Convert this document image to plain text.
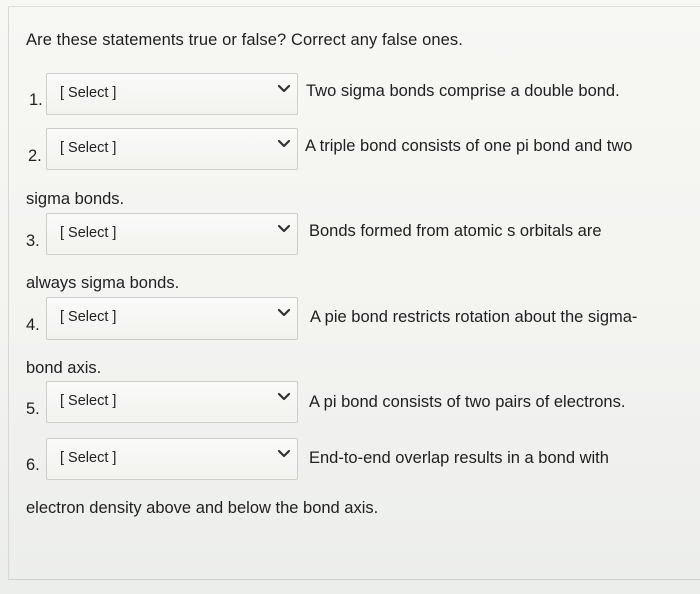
Are these statements true or false? Correct any false ones.
1. [ Select ]	Two sigma bonds comprise a double bond.
2. [ Select ]	A triple bond consists of one pi bond and two
sigma bonds.
3. [ Select ]	Bonds formed from atomic s orbitals are
always sigma bonds.
4. [ Select ]	A pie bond restricts rotation about the sigma-
bond axis.
5. [ Select ]	A pi bond consists of two pairs of electrons.
6. [ Select ]	End-to-end overlap results in a bond with
electron density above and below the bond axis.
